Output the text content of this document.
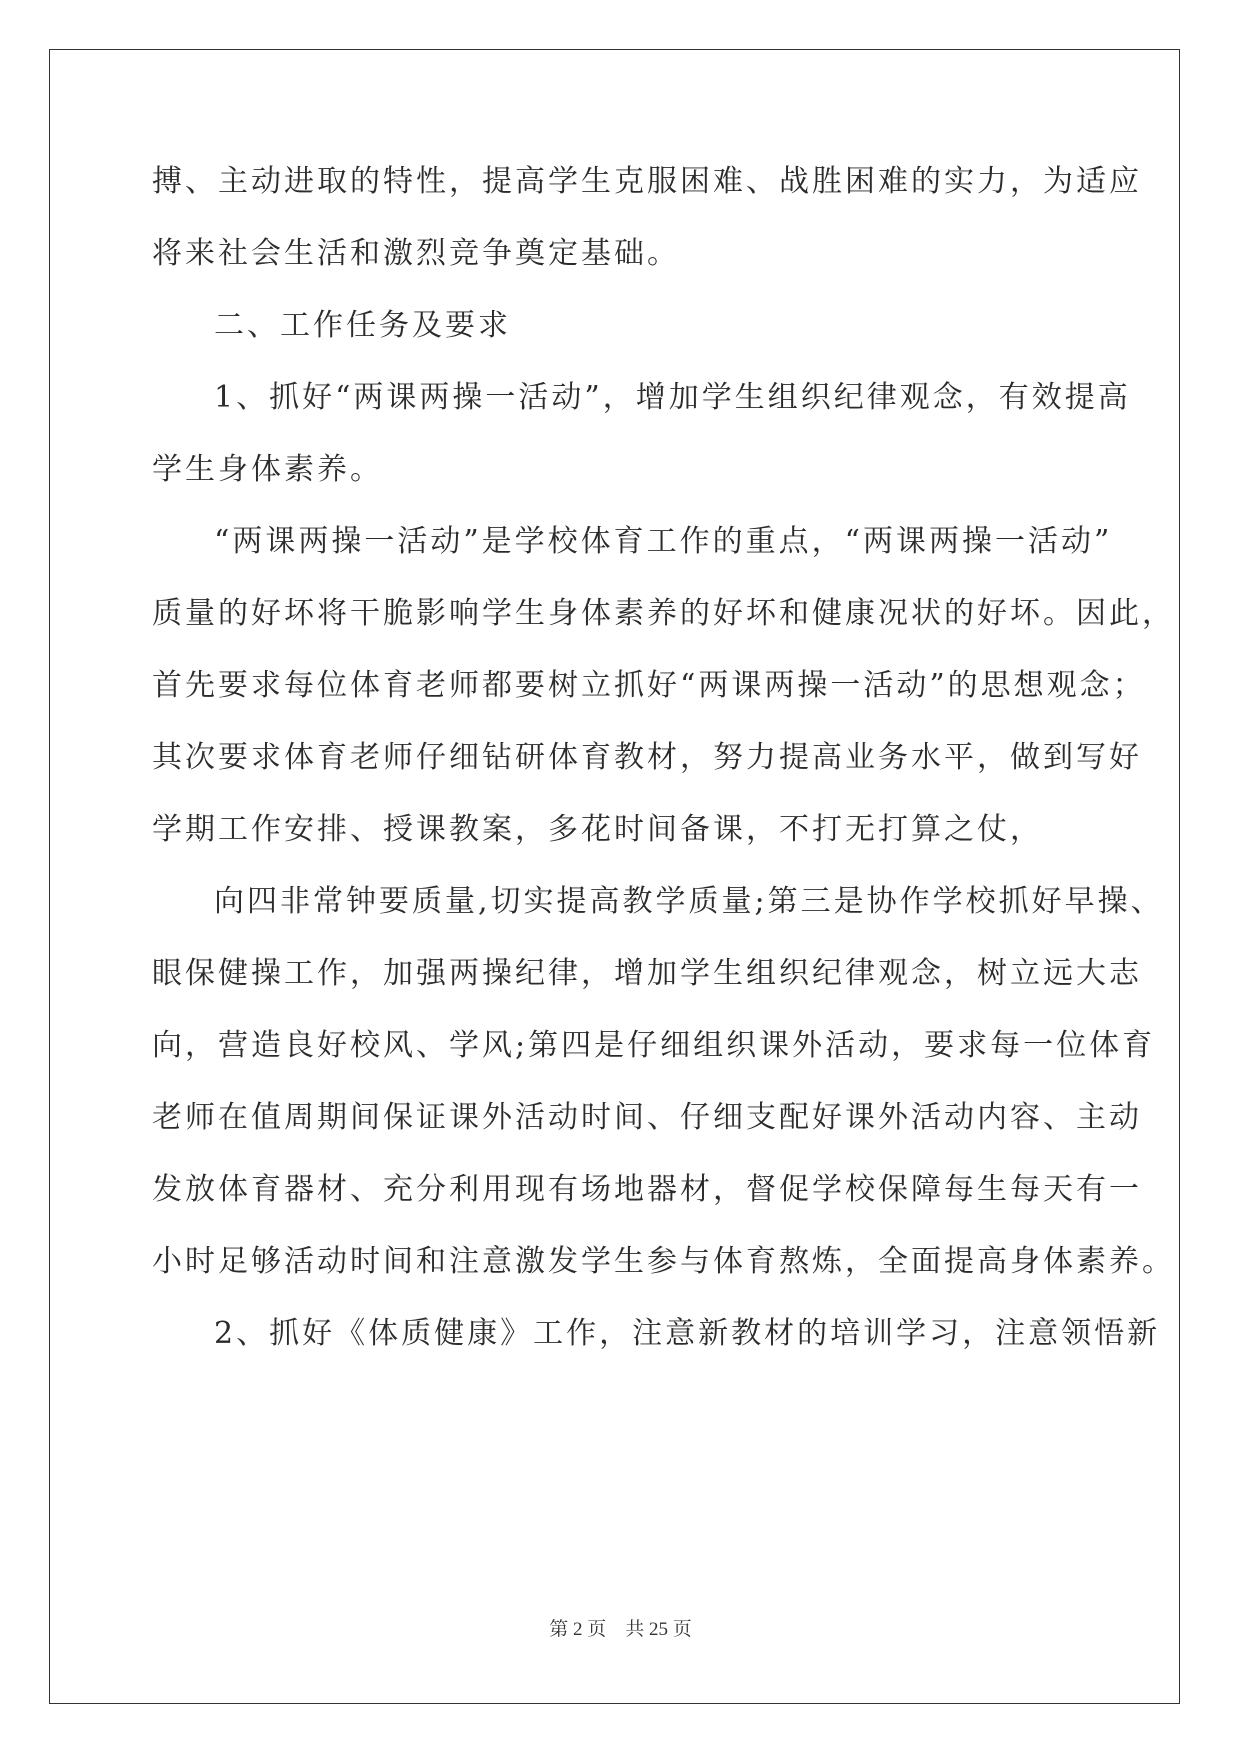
搏、主动进取的特性，提高学生克服困难、战胜困难的实力，为适应
将来社会生活和激烈竞争奠定基础。
二、工作任务及要求
1、抓好“两课两操一活动”，增加学生组织纪律观念，有效提高
学生身体素养。
“两课两操一活动”是学校体育工作的重点，“两课两操一活动”
质量的好坏将干脆影响学生身体素养的好坏和健康况状的好坏。因此，
首先要求每位体育老师都要树立抓好“两课两操一活动”的思想观念；
其次要求体育老师仔细钻研体育教材，努力提高业务水平，做到写好
学期工作安排、授课教案，多花时间备课，不打无打算之仗，
向四非常钟要质量,切实提高教学质量;第三是协作学校抓好早操、
眼保健操工作，加强两操纪律，增加学生组织纪律观念，树立远大志
向，营造良好校风、学风;第四是仔细组织课外活动，要求每一位体育
老师在值周期间保证课外活动时间、仔细支配好课外活动内容、主动
发放体育器材、充分利用现有场地器材，督促学校保障每生每天有一
小时足够活动时间和注意激发学生参与体育熬炼，全面提高身体素养。
2、抓好《体质健康》工作，注意新教材的培训学习，注意领悟新
第 2 页　共 25 页
